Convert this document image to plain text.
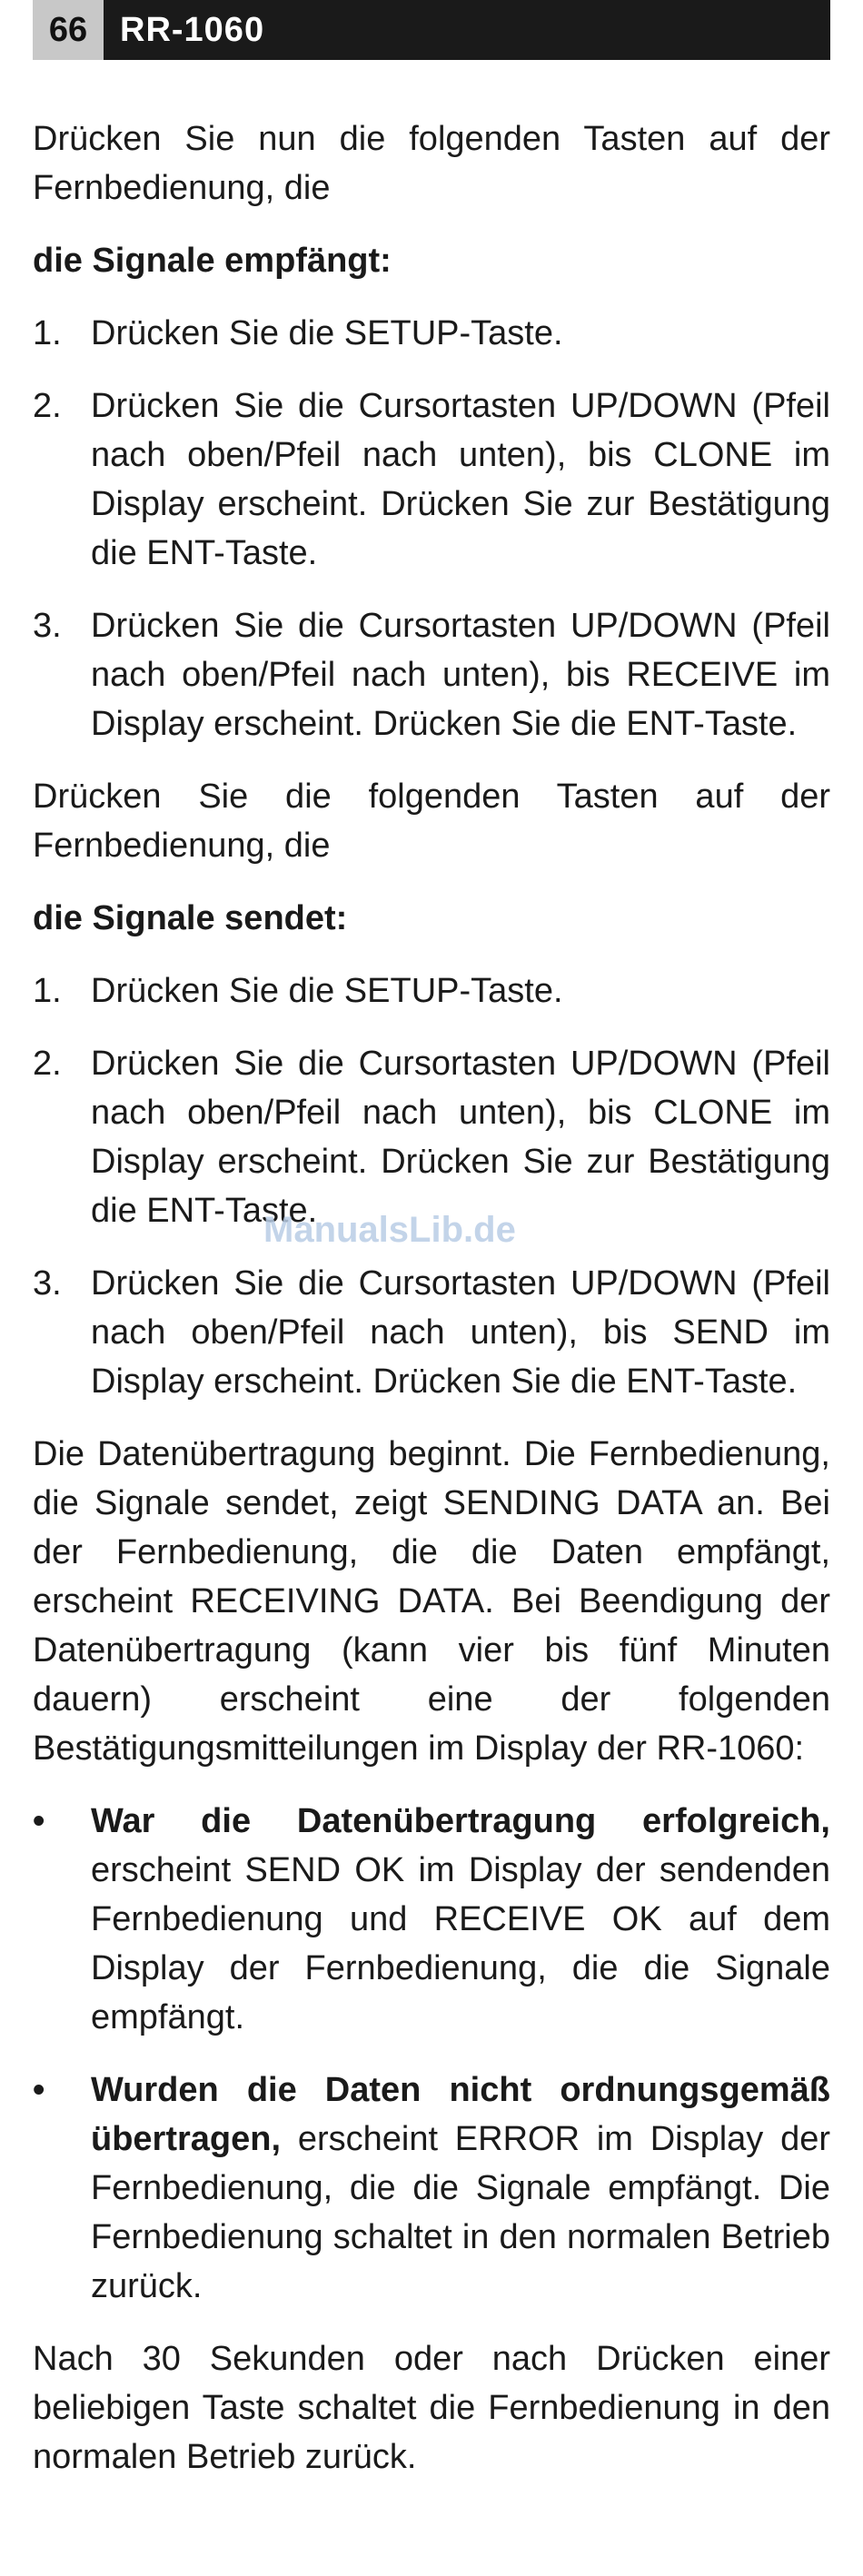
66 RR-1060

Drücken Sie nun die folgenden Tasten auf der Fernbedienung, die

die Signale empfängt:
1. Drücken Sie die SETUP-Taste.
2. Drücken Sie die Cursortasten UP/DOWN (Pfeil nach oben/Pfeil nach unten), bis CLONE im Display erscheint. Drücken Sie zur Bestätigung die ENT-Taste.
3. Drücken Sie die Cursortasten UP/DOWN (Pfeil nach oben/Pfeil nach unten), bis RECEIVE im Display erscheint. Drücken Sie die ENT-Taste.

Drücken Sie die folgenden Tasten auf der Fernbedienung, die

die Signale sendet:
1. Drücken Sie die SETUP-Taste.
2. Drücken Sie die Cursortasten UP/DOWN (Pfeil nach oben/Pfeil nach unten), bis CLONE im Display erscheint. Drücken Sie zur Bestätigung die ENT-Taste.
3. Drücken Sie die Cursortasten UP/DOWN (Pfeil nach oben/Pfeil nach unten), bis SEND im Display erscheint. Drücken Sie die ENT-Taste.

Die Datenübertragung beginnt. Die Fernbedienung, die Signale sendet, zeigt SENDING DATA an. Bei der Fernbedienung, die die Daten empfängt, erscheint RECEIVING DATA. Bei Beendigung der Datenübertragung (kann vier bis fünf Minuten dauern) erscheint eine der folgenden Bestätigungsmitteilungen im Display der RR-1060:

•	War die Datenübertragung erfolgreich, erscheint SEND OK im Display der sendenden Fernbedienung und RECEIVE OK auf dem Display der Fernbedienung, die die Signale empfängt.
•	Wurden die Daten nicht ordnungsgemäß übertragen, erscheint ERROR im Display der Fernbedienung, die die Signale empfängt. Die Fernbedienung schaltet in den normalen Betrieb zurück.

Nach 30 Sekunden oder nach Drücken einer beliebigen Taste schaltet die Fernbedienung in den normalen Betrieb zurück.

ManualsLib.de
